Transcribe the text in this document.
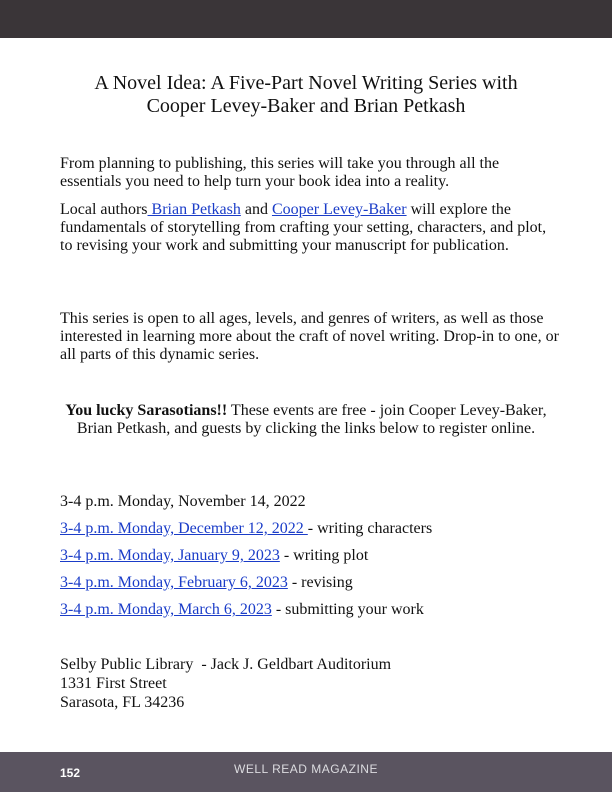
A Novel Idea: A Five-Part Novel Writing Series with
Cooper Levey-Baker and Brian Petkash

From planning to publishing, this series will take you through all the essentials you need to help turn your book idea into a reality.

Local authors Brian Petkash and Cooper Levey-Baker will explore the fundamentals of storytelling from crafting your setting, characters, and plot, to revising your work and submitting your manuscript for publication.

This series is open to all ages, levels, and genres of writers, as well as those interested in learning more about the craft of novel writing. Drop-in to one, or all parts of this dynamic series.

You lucky Sarasotians!! These events are free - join Cooper Levey-Baker, Brian Petkash, and guests by clicking the links below to register online.

3-4 p.m. Monday, November 14, 2022

3-4 p.m. Monday, December 12, 2022 - writing characters

3-4 p.m. Monday, January 9, 2023 - writing plot

3-4 p.m. Monday, February 6, 2023 - revising

3-4 p.m. Monday, March 6, 2023 - submitting your work

Selby Public Library  - Jack J. Geldbart Auditorium
1331 First Street
Sarasota, FL 34236
152	WELL READ MAGAZINE
